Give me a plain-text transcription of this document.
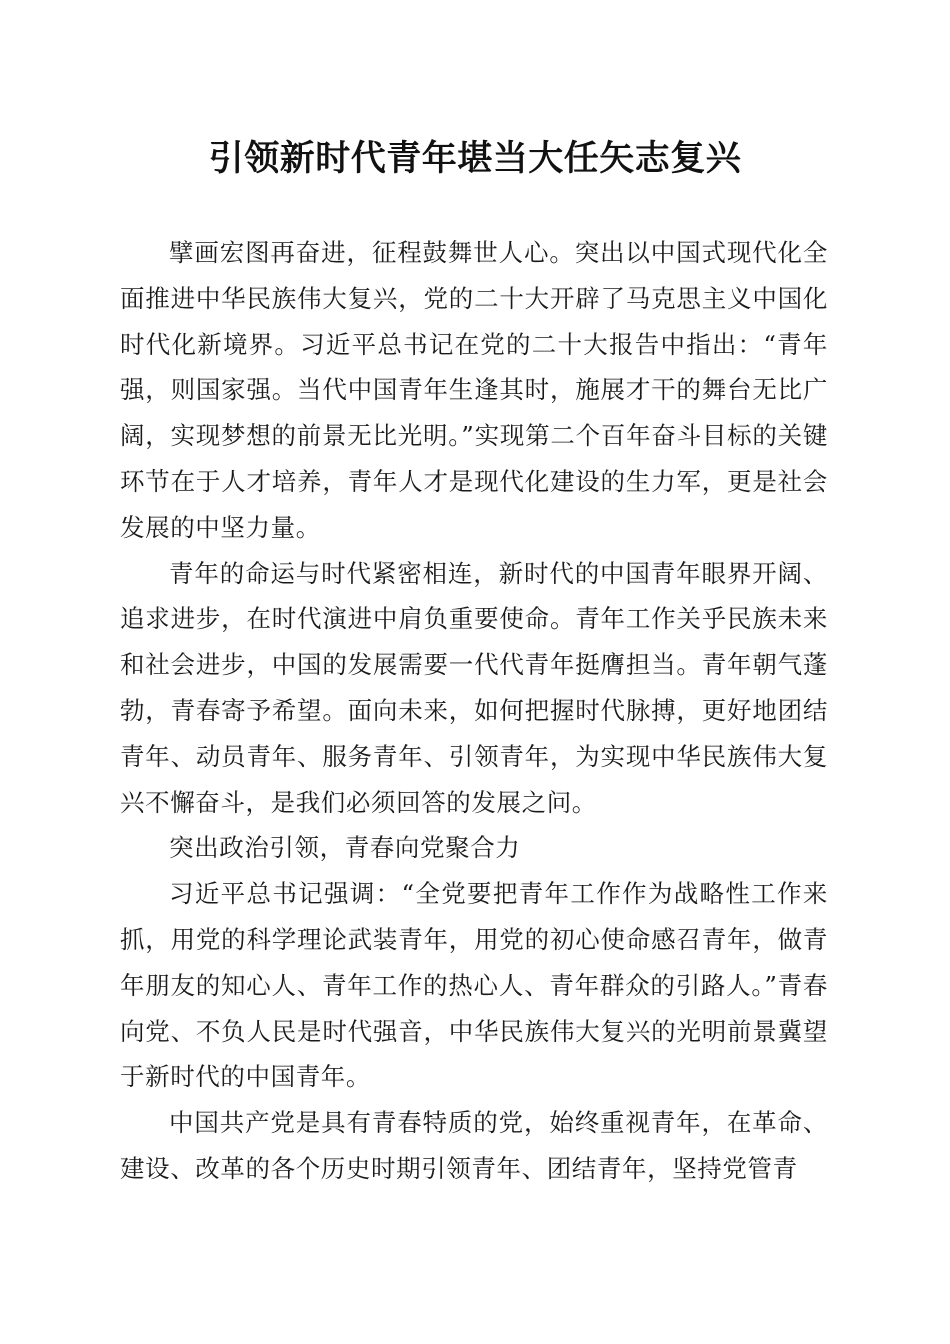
引领新时代青年堪当大任矢志复兴

擘画宏图再奋进，征程鼓舞世人心。突出以中国式现代化全面推进中华民族伟大复兴，党的二十大开辟了马克思主义中国化时代化新境界。习近平总书记在党的二十大报告中指出：“青年强，则国家强。当代中国青年生逢其时，施展才干的舞台无比广阔，实现梦想的前景无比光明。”实现第二个百年奋斗目标的关键环节在于人才培养，青年人才是现代化建设的生力军，更是社会发展的中坚力量。

青年的命运与时代紧密相连，新时代的中国青年眼界开阔、追求进步，在时代演进中肩负重要使命。青年工作关乎民族未来和社会进步，中国的发展需要一代代青年挺膺担当。青年朝气蓬勃，青春寄予希望。面向未来，如何把握时代脉搏，更好地团结青年、动员青年、服务青年、引领青年，为实现中华民族伟大复兴不懈奋斗，是我们必须回答的发展之问。

突出政治引领，青春向党聚合力

习近平总书记强调：“全党要把青年工作作为战略性工作来抓，用党的科学理论武装青年，用党的初心使命感召青年，做青年朋友的知心人、青年工作的热心人、青年群众的引路人。”青春向党、不负人民是时代强音，中华民族伟大复兴的光明前景冀望于新时代的中国青年。

中国共产党是具有青春特质的党，始终重视青年，在革命、建设、改革的各个历史时期引领青年、团结青年，坚持党管青
